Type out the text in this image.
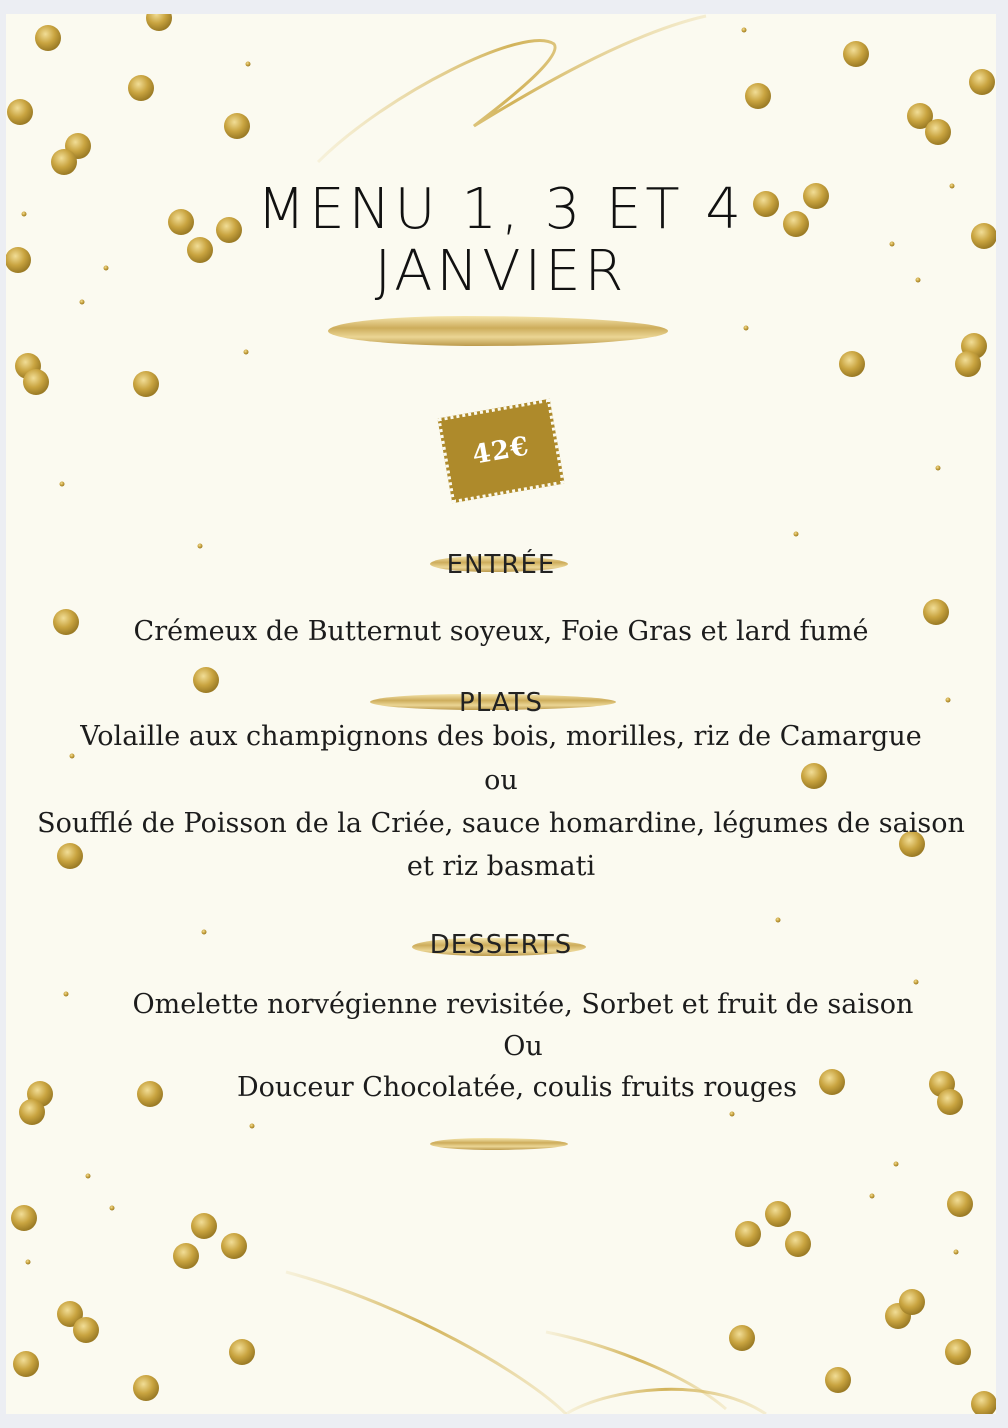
MENU 1, 3 ET 4
JANVIER
42€
ENTRÉE
Crémeux de Butternut soyeux, Foie Gras et lard fumé
PLATS
Volaille aux champignons des bois, morilles, riz de Camargue
ou
Soufflé de Poisson de la Criée, sauce homardine, légumes de saison
et riz basmati
DESSERTS
Omelette norvégienne revisitée, Sorbet et fruit de saison
Ou
Douceur Chocolatée, coulis fruits rouges
